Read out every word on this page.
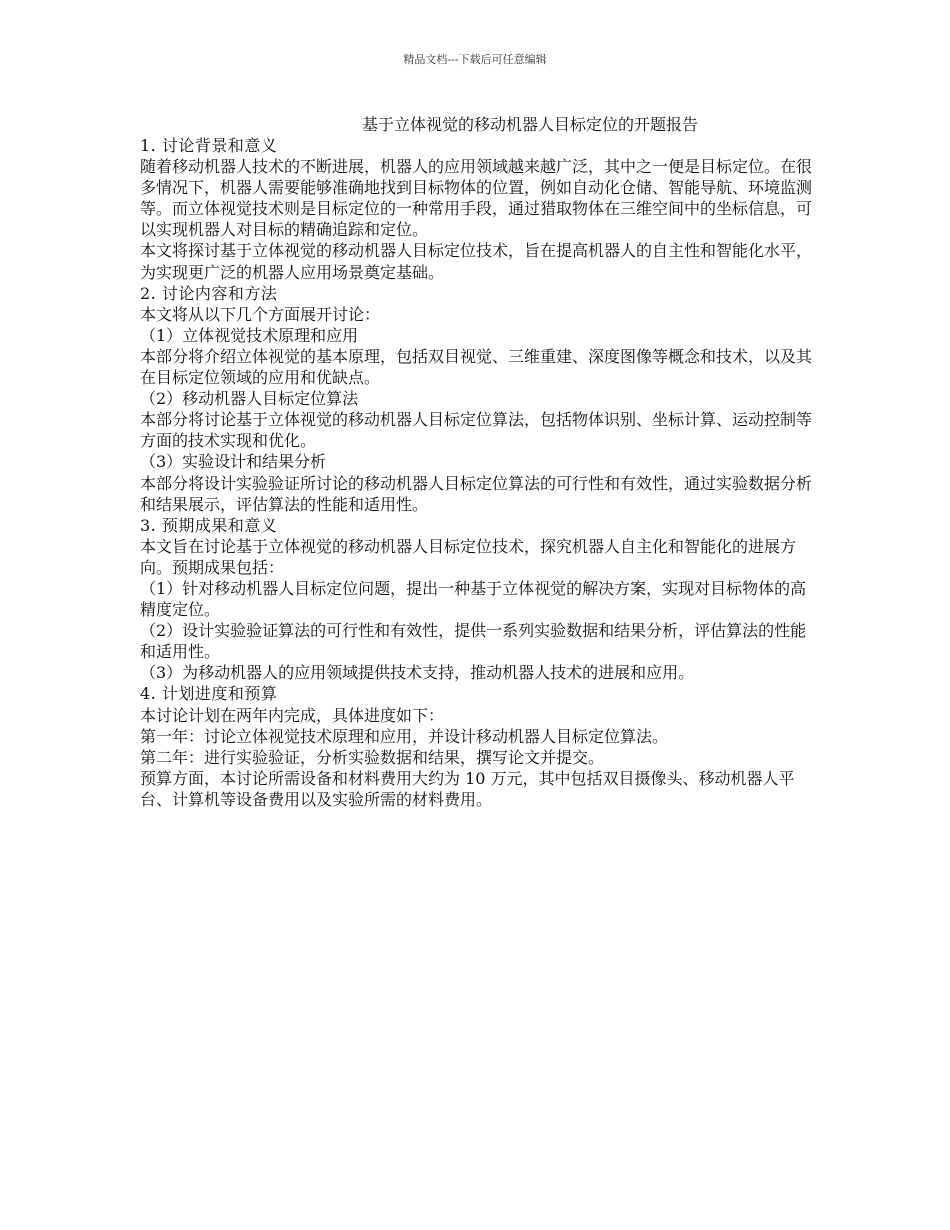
精品文档---下载后可任意编辑
基于立体视觉的移动机器人目标定位的开题报告

1. 讨论背景和意义

随着移动机器人技术的不断进展，机器人的应用领域越来越广泛，其中之一便是目标定位。在很多情况下，机器人需要能够准确地找到目标物体的位置，例如自动化仓储、智能导航、环境监测等。而立体视觉技术则是目标定位的一种常用手段，通过猎取物体在三维空间中的坐标信息，可以实现机器人对目标的精确追踪和定位。

本文将探讨基于立体视觉的移动机器人目标定位技术，旨在提高机器人的自主性和智能化水平，为实现更广泛的机器人应用场景奠定基础。

2. 讨论内容和方法

本文将从以下几个方面展开讨论：

（1）立体视觉技术原理和应用

本部分将介绍立体视觉的基本原理，包括双目视觉、三维重建、深度图像等概念和技术，以及其在目标定位领域的应用和优缺点。

（2）移动机器人目标定位算法

本部分将讨论基于立体视觉的移动机器人目标定位算法，包括物体识别、坐标计算、运动控制等方面的技术实现和优化。

（3）实验设计和结果分析

本部分将设计实验验证所讨论的移动机器人目标定位算法的可行性和有效性，通过实验数据分析和结果展示，评估算法的性能和适用性。

3. 预期成果和意义

本文旨在讨论基于立体视觉的移动机器人目标定位技术，探究机器人自主化和智能化的进展方向。预期成果包括：

（1）针对移动机器人目标定位问题，提出一种基于立体视觉的解决方案，实现对目标物体的高精度定位。

（2）设计实验验证算法的可行性和有效性，提供一系列实验数据和结果分析，评估算法的性能和适用性。

（3）为移动机器人的应用领域提供技术支持，推动机器人技术的进展和应用。

4. 计划进度和预算

本讨论计划在两年内完成，具体进度如下：

第一年：讨论立体视觉技术原理和应用，并设计移动机器人目标定位算法。

第二年：进行实验验证，分析实验数据和结果，撰写论文并提交。

预算方面，本讨论所需设备和材料费用大约为 10 万元，其中包括双目摄像头、移动机器人平台、计算机等设备费用以及实验所需的材料费用。
